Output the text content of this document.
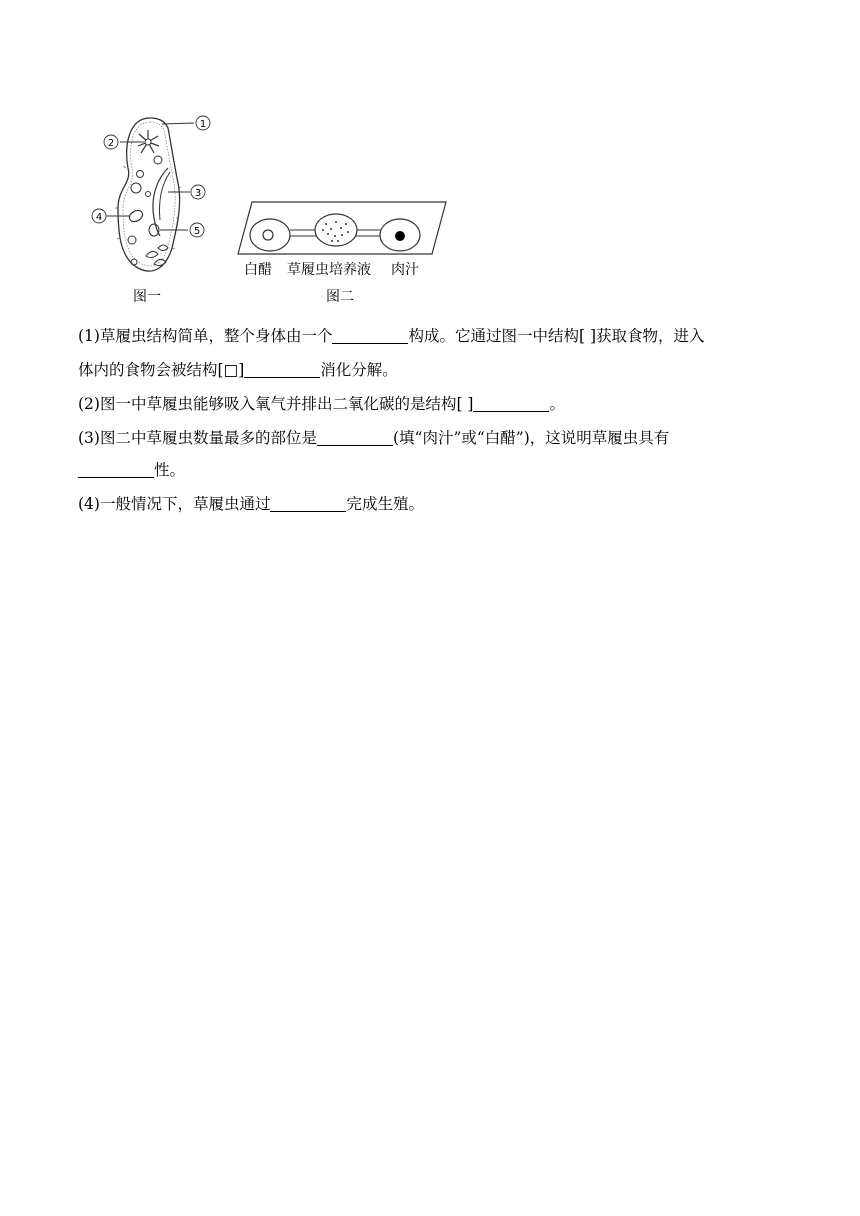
1
2
3
4
5
图一
白醋 草履虫培养液 肉汁
图二
(1)草履虫结构简单，整个身体由一个	构成。它通过图一中结构[ ]获取食物，进入
体内的食物会被结构[□]	消化分解。
(2)图一中草履虫能够吸入氧气并排出二氧化碳的是结构[ ]	。
(3)图二中草履虫数量最多的部位是	(填“肉汁”或“白醋”)，这说明草履虫具有
性。
(4)一般情况下，草履虫通过	完成生殖。
